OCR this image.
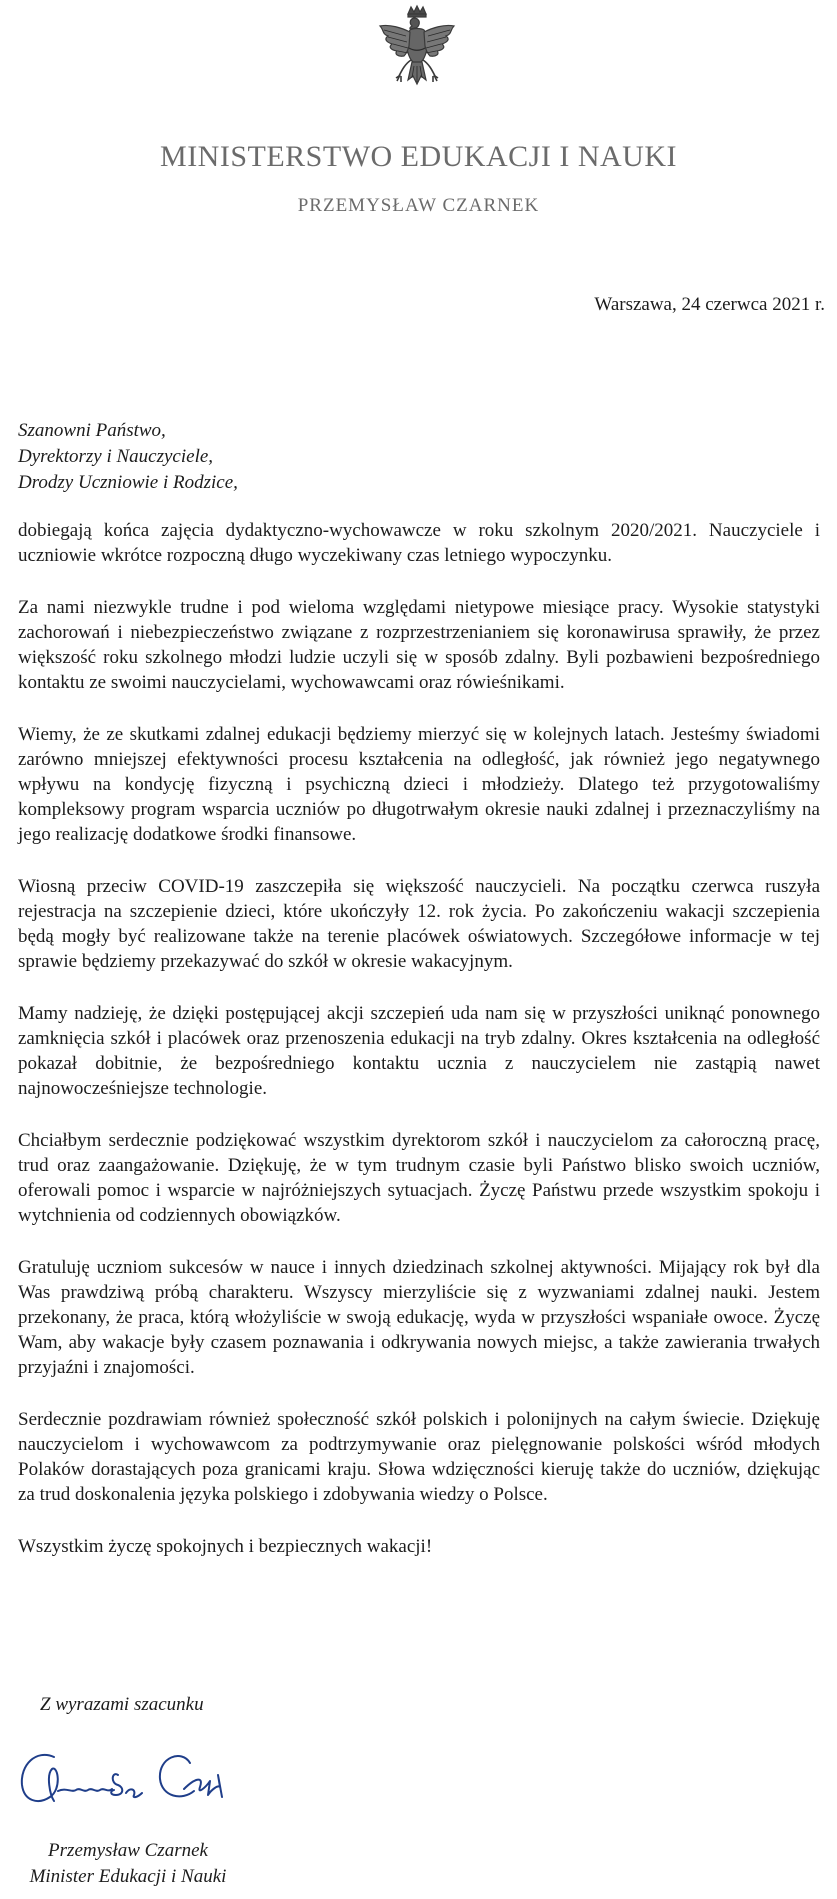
MINISTERSTWO EDUKACJI I NAUKI
PRZEMYSŁAW CZARNEK
Warszawa, 24 czerwca 2021 r.
Szanowni Państwo,
Dyrektorzy i Nauczyciele,
Drodzy Uczniowie i Rodzice,

dobiegają końca zajęcia dydaktyczno-wychowawcze w roku szkolnym 2020/2021. Nauczyciele i uczniowie wkrótce rozpoczną długo wyczekiwany czas letniego wypoczynku.

Za nami niezwykle trudne i pod wieloma względami nietypowe miesiące pracy. Wysokie statystyki zachorowań i niebezpieczeństwo związane z rozprzestrzenianiem się koronawirusa sprawiły, że przez większość roku szkolnego młodzi ludzie uczyli się w sposób zdalny. Byli pozbawieni bezpośredniego kontaktu ze swoimi nauczycielami, wychowawcami oraz rówieśnikami.

Wiemy, że ze skutkami zdalnej edukacji będziemy mierzyć się w kolejnych latach. Jesteśmy świadomi zarówno mniejszej efektywności procesu kształcenia na odległość, jak również jego negatywnego wpływu na kondycję fizyczną i psychiczną dzieci i młodzieży. Dlatego też przygotowaliśmy kompleksowy program wsparcia uczniów po długotrwałym okresie nauki zdalnej i przeznaczyliśmy na jego realizację dodatkowe środki finansowe.

Wiosną przeciw COVID-19 zaszczepiła się większość nauczycieli. Na początku czerwca ruszyła rejestracja na szczepienie dzieci, które ukończyły 12. rok życia. Po zakończeniu wakacji szczepienia będą mogły być realizowane także na terenie placówek oświatowych. Szczegółowe informacje w tej sprawie będziemy przekazywać do szkół w okresie wakacyjnym.

Mamy nadzieję, że dzięki postępującej akcji szczepień uda nam się w przyszłości uniknąć ponownego zamknięcia szkół i placówek oraz przenoszenia edukacji na tryb zdalny. Okres kształcenia na odległość pokazał dobitnie, że bezpośredniego kontaktu ucznia z nauczycielem nie zastąpią nawet najnowocześniejsze technologie.

Chciałbym serdecznie podziękować wszystkim dyrektorom szkół i nauczycielom za całoroczną pracę, trud oraz zaangażowanie. Dziękuję, że w tym trudnym czasie byli Państwo blisko swoich uczniów, oferowali pomoc i wsparcie w najróżniejszych sytuacjach. Życzę Państwu przede wszystkim spokoju i wytchnienia od codziennych obowiązków.

Gratuluję uczniom sukcesów w nauce i innych dziedzinach szkolnej aktywności. Mijający rok był dla Was prawdziwą próbą charakteru. Wszyscy mierzyliście się z wyzwaniami zdalnej nauki. Jestem przekonany, że praca, którą włożyliście w swoją edukację, wyda w przyszłości wspaniałe owoce. Życzę Wam, aby wakacje były czasem poznawania i odkrywania nowych miejsc, a także zawierania trwałych przyjaźni i znajomości.

Serdecznie pozdrawiam również społeczność szkół polskich i polonijnych na całym świecie. Dziękuję nauczycielom i wychowawcom za podtrzymywanie oraz pielęgnowanie polskości wśród młodych Polaków dorastających poza granicami kraju. Słowa wdzięczności kieruję także do uczniów, dziękując za trud doskonalenia języka polskiego i zdobywania wiedzy o Polsce.

Wszystkim życzę spokojnych i bezpiecznych wakacji!

Z wyrazami szacunku
Przemysław Czarnek
Minister Edukacji i Nauki
